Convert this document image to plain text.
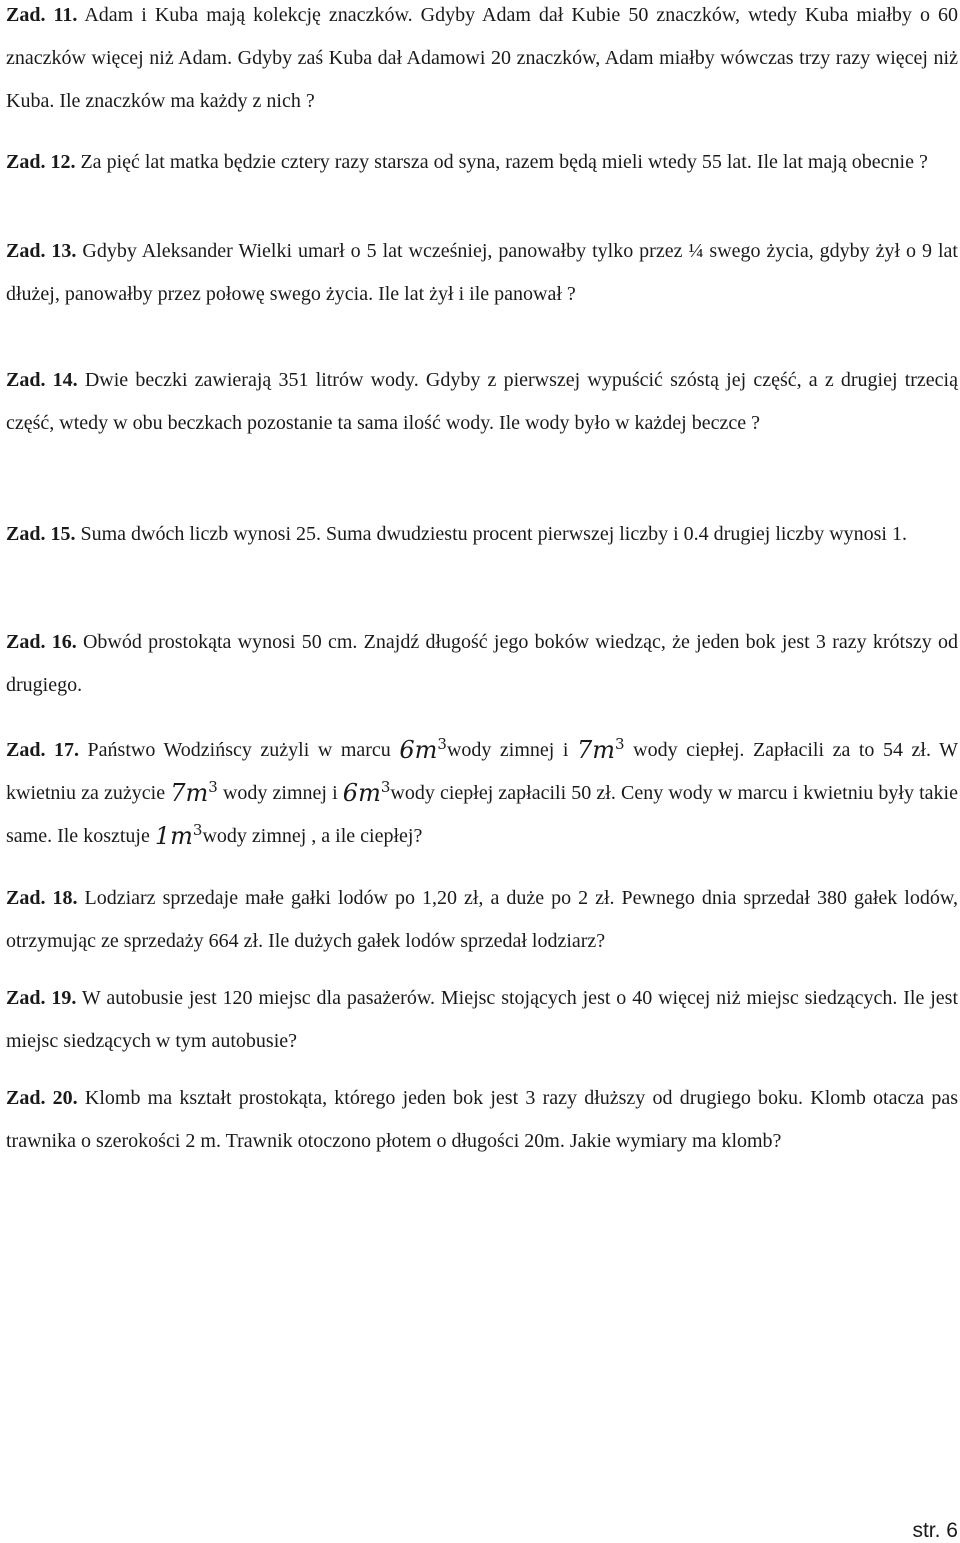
Zad. 11. Adam i Kuba mają kolekcję znaczków. Gdyby Adam dał Kubie 50 znaczków, wtedy Kuba miałby o 60 znaczków więcej niż Adam. Gdyby zaś Kuba dał Adamowi 20 znaczków, Adam miałby wówczas trzy razy więcej niż Kuba. Ile znaczków ma każdy z nich ?

Zad. 12. Za pięć lat matka będzie cztery razy starsza od syna, razem będą mieli wtedy 55 lat. Ile lat mają obecnie ?

Zad. 13. Gdyby Aleksander Wielki umarł o 5 lat wcześniej, panowałby tylko przez ¼ swego życia, gdyby żył o 9 lat dłużej, panowałby przez połowę swego życia. Ile lat żył i ile panował ?

Zad. 14. Dwie beczki zawierają 351 litrów wody. Gdyby z pierwszej wypuścić szóstą jej część, a z drugiej trzecią część, wtedy w obu beczkach pozostanie ta sama ilość wody. Ile wody było w każdej beczce ?

Zad. 15. Suma dwóch liczb wynosi 25. Suma dwudziestu procent pierwszej liczby i 0.4 drugiej liczby wynosi 1.

Zad. 16. Obwód prostokąta wynosi 50 cm. Znajdź długość jego boków wiedząc, że jeden bok jest 3 razy krótszy od drugiego.

Zad. 17. Państwo Wodzińscy zużyli w marcu $6m^3wody$ zimnej i $7m^3$ wody ciepłej. Zapłacili za to 54 zł. W kwietniu za zużycie $7m^3$ wody zimnej i $6m^3wody$ ciepłej zapłacili 50 zł. Ceny wody w marcu i kwietniu były takie same. Ile kosztuje $1m^3wody$ zimnej , a ile ciepłej?

Zad. 18. Lodziarz sprzedaje małe gałki lodów po 1,20 zł, a duże po 2 zł. Pewnego dnia sprzedał 380 gałek lodów, otrzymując ze sprzedaży 664 zł. Ile dużych gałek lodów sprzedał lodziarz?

Zad. 19. W autobusie jest 120 miejsc dla pasażerów. Miejsc stojących jest o 40 więcej niż miejsc siedzących. Ile jest miejsc siedzących w tym autobusie?

Zad. 20. Klomb ma kształt prostokąta, którego jeden bok jest 3 razy dłuższy od drugiego boku. Klomb otacza pas trawnika o szerokości 2 m. Trawnik otoczono płotem o długości 20m. Jakie wymiary ma klomb?

str. 6
